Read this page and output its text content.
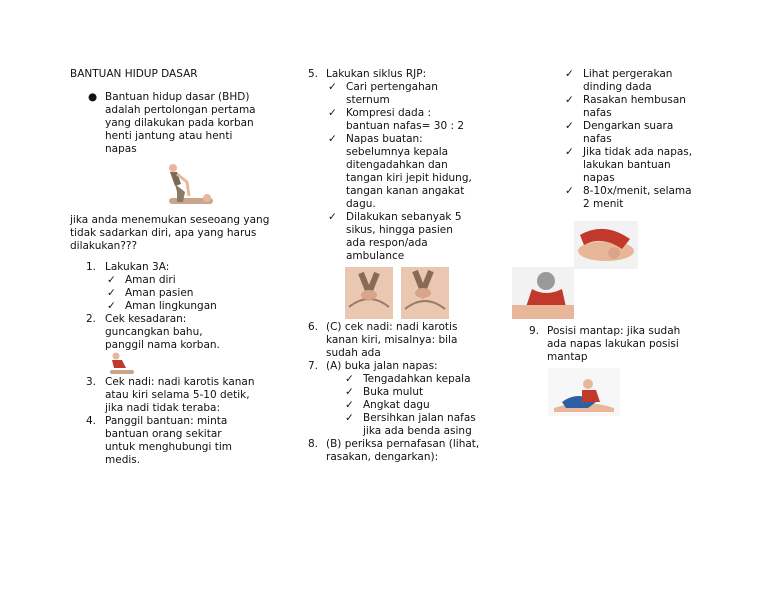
BANTUAN HIDUP DASAR
● Bantuan hidup dasar (BHD) adalah pertolongan pertama yang dilakukan pada korban henti jantung atau henti napas
jika anda menemukan seseoang yang tidak sadarkan diri, apa yang harus dilakukan???
1. Lakukan 3A:
✓ Aman diri
✓ Aman pasien
✓ Aman lingkungan
2. Cek kesadaran: guncangkan bahu, panggil nama korban.
3. Cek nadi: nadi karotis kanan atau kiri selama 5-10 detik, jika nadi tidak teraba:
4. Panggil bantuan: minta bantuan orang sekitar untuk menghubungi tim medis.
5. Lakukan siklus RJP:
✓ Cari pertengahan sternum
✓ Kompresi dada : bantuan nafas= 30 : 2
✓ Napas buatan: sebelumnya kepala ditengadahkan dan tangan kiri jepit hidung, tangan kanan angakat dagu.
✓ Dilakukan sebanyak 5 sikus, hingga pasien ada respon/ada ambulance
6. (C) cek nadi: nadi karotis kanan kiri, misalnya: bila sudah ada
7. (A) buka jalan napas:
✓ Tengadahkan kepala
✓ Buka mulut
✓ Angkat dagu
✓ Bersihkan jalan nafas jika ada benda asing
8. (B) periksa pernafasan (lihat, rasakan, dengarkan):
✓ Lihat pergerakan dinding dada
✓ Rasakan hembusan nafas
✓ Dengarkan suara nafas
✓ Jika tidak ada napas, lakukan bantuan napas
✓ 8-10x/menit, selama 2 menit
9. Posisi mantap: jika sudah ada napas lakukan posisi mantap
